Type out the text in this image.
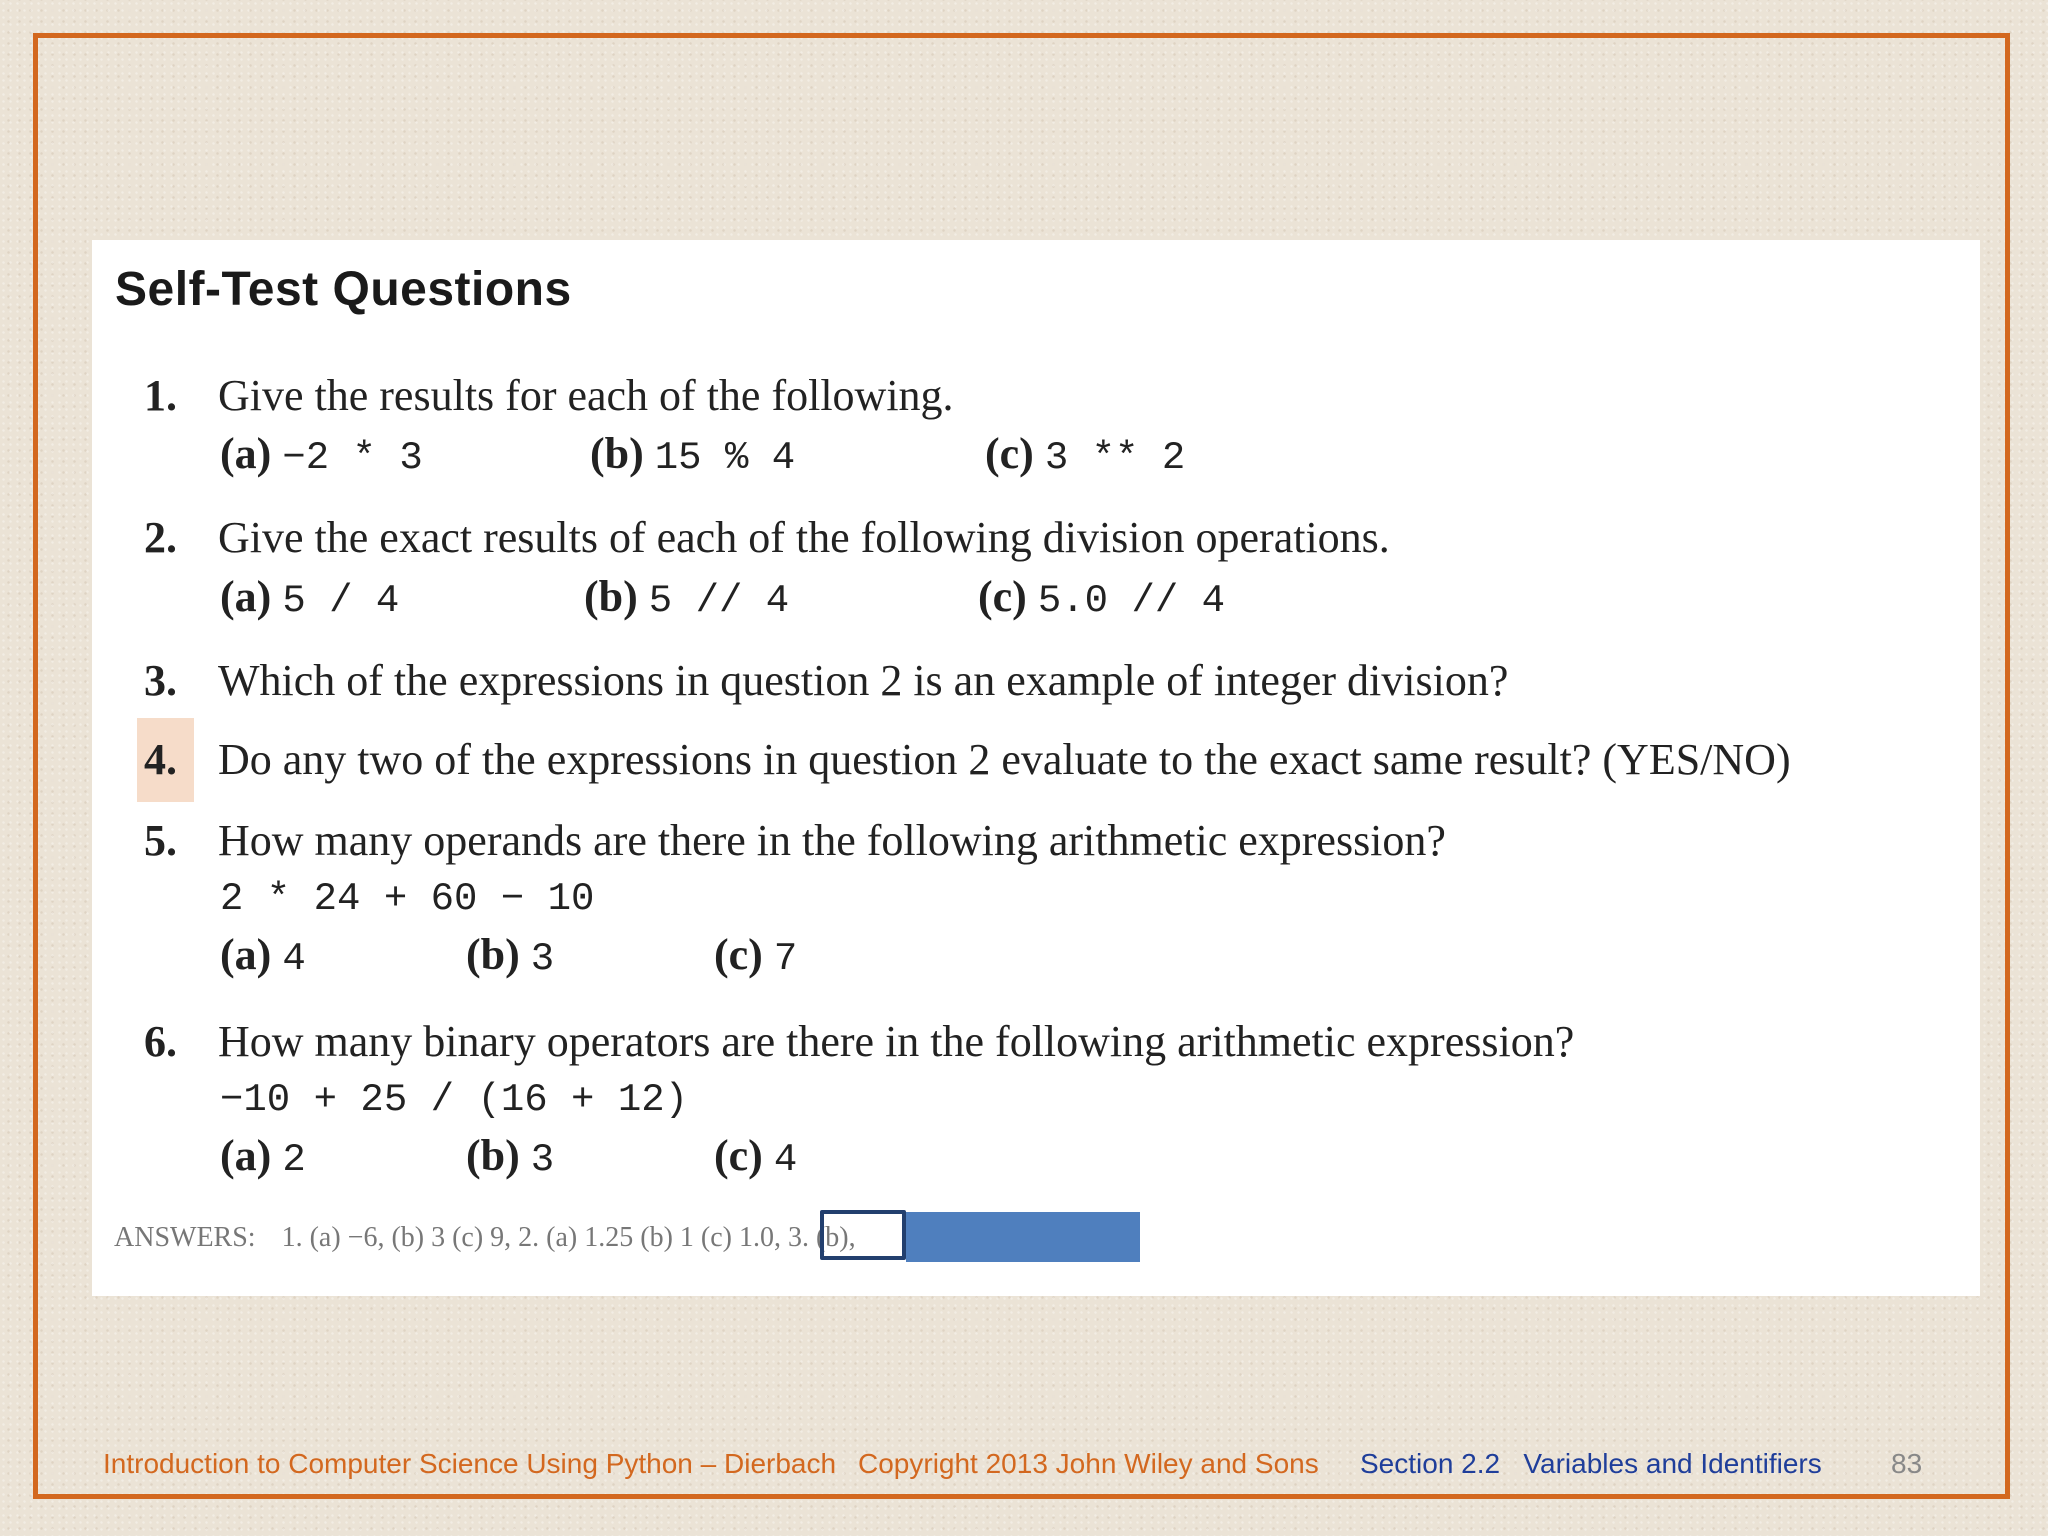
Self-Test Questions
1. Give the results for each of the following.
(a) −2 * 3	(b) 15 % 4	(c) 3 ** 2
2. Give the exact results of each of the following division operations.
(a) 5 / 4	(b) 5 // 4	(c) 5.0 // 4
3. Which of the expressions in question 2 is an example of integer division?
4. Do any two of the expressions in question 2 evaluate to the exact same result? (YES/NO)
5. How many operands are there in the following arithmetic expression?
2 * 24 + 60 − 10
(a) 4	(b) 3	(c) 7
6. How many binary operators are there in the following arithmetic expression?
−10 + 25 / (16 + 12)
(a) 2	(b) 3	(c) 4
ANSWERS: 1. (a) −6, (b) 3 (c) 9, 2. (a) 1.25 (b) 1 (c) 1.0, 3. (b),
Introduction to Computer Science Using Python – Dierbach Copyright 2013 John Wiley and Sons Section 2.2   Variables and Identifiers 83
